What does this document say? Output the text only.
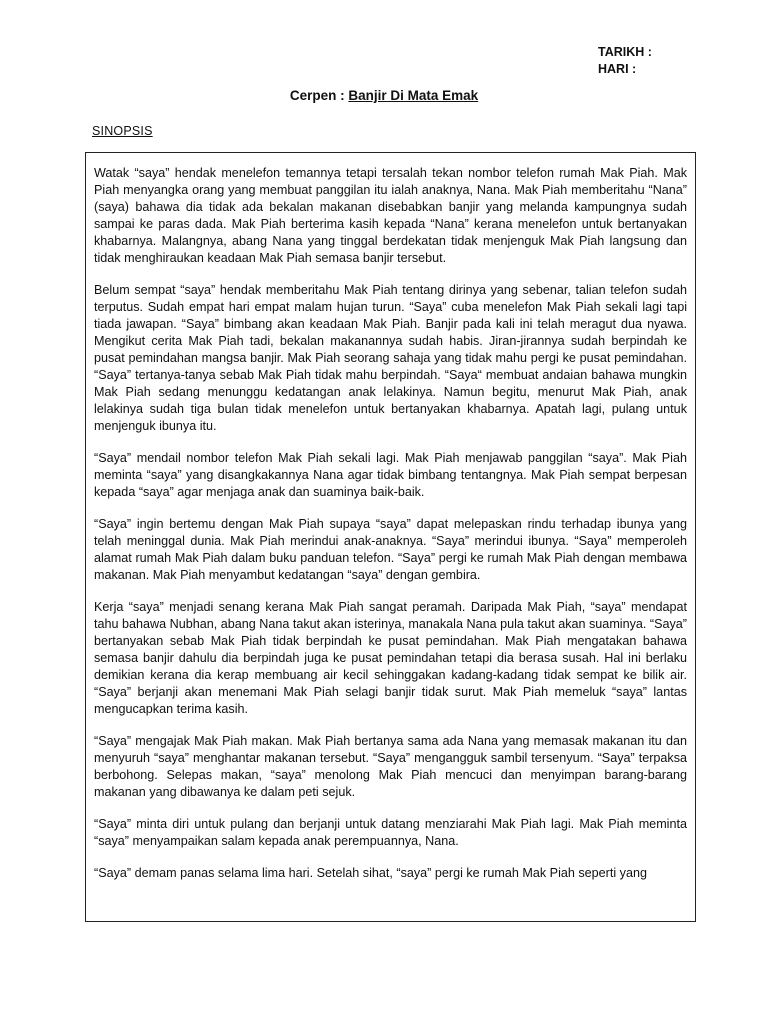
TARIKH :
HARI :
Cerpen : Banjir Di Mata Emak
SINOPSIS

Watak “saya” hendak menelefon temannya tetapi tersalah tekan nombor telefon rumah Mak Piah. Mak Piah menyangka orang yang membuat panggilan itu ialah anaknya, Nana. Mak Piah memberitahu “Nana” (saya) bahawa dia tidak ada bekalan makanan disebabkan banjir yang melanda kampungnya sudah sampai ke paras dada. Mak Piah berterima kasih kepada “Nana” kerana menelefon untuk bertanyakan khabarnya. Malangnya, abang Nana yang tinggal berdekatan tidak menjenguk Mak Piah langsung dan tidak menghiraukan keadaan Mak Piah semasa banjir tersebut.

Belum sempat “saya” hendak memberitahu Mak Piah tentang dirinya yang sebenar, talian telefon sudah terputus. Sudah empat hari empat malam hujan turun. “Saya” cuba menelefon Mak Piah sekali lagi tapi tiada jawapan. “Saya” bimbang akan keadaan Mak Piah. Banjir pada kali ini telah meragut dua nyawa. Mengikut cerita Mak Piah tadi, bekalan makanannya sudah habis. Jiran-jirannya sudah berpindah ke pusat pemindahan mangsa banjir. Mak Piah seorang sahaja yang tidak mahu pergi ke pusat pemindahan. “Saya” tertanya-tanya sebab Mak Piah tidak mahu berpindah. “Saya“ membuat andaian bahawa mungkin Mak Piah sedang menunggu kedatangan anak lelakinya. Namun begitu, menurut Mak Piah, anak lelakinya sudah tiga bulan tidak menelefon untuk bertanyakan khabarnya. Apatah lagi, pulang untuk menjenguk ibunya itu.

“Saya” mendail nombor telefon Mak Piah sekali lagi. Mak Piah menjawab panggilan “saya”. Mak Piah meminta “saya” yang disangkakannya Nana agar tidak bimbang tentangnya. Mak Piah sempat berpesan kepada “saya” agar menjaga anak dan suaminya baik-baik.

“Saya” ingin bertemu dengan Mak Piah supaya “saya” dapat melepaskan rindu terhadap ibunya yang telah meninggal dunia. Mak Piah merindui anak-anaknya. “Saya” merindui ibunya. “Saya” memperoleh alamat rumah Mak Piah dalam buku panduan telefon. “Saya” pergi ke rumah Mak Piah dengan membawa makanan. Mak Piah menyambut kedatangan “saya” dengan gembira.

Kerja “saya” menjadi senang kerana Mak Piah sangat peramah. Daripada Mak Piah, “saya” mendapat tahu bahawa Nubhan, abang Nana takut akan isterinya, manakala Nana pula takut akan suaminya. “Saya” bertanyakan sebab Mak Piah tidak berpindah ke pusat pemindahan. Mak Piah mengatakan bahawa semasa banjir dahulu dia berpindah juga ke pusat pemindahan tetapi dia berasa susah. Hal ini berlaku demikian kerana dia kerap membuang air kecil sehinggakan kadang-kadang tidak sempat ke bilik air. “Saya” berjanji akan menemani Mak Piah selagi banjir tidak surut. Mak Piah memeluk “saya” lantas mengucapkan terima kasih.

“Saya” mengajak Mak Piah makan. Mak Piah bertanya sama ada Nana yang memasak makanan itu dan menyuruh “saya” menghantar makanan tersebut. “Saya” mengangguk sambil tersenyum. “Saya” terpaksa berbohong. Selepas makan, “saya” menolong Mak Piah mencuci dan menyimpan barang-barang makanan yang dibawanya ke dalam peti sejuk.

“Saya” minta diri untuk pulang dan berjanji untuk datang menziarahi Mak Piah lagi. Mak Piah meminta “saya” menyampaikan salam kepada anak perempuannya, Nana.

“Saya” demam panas selama lima hari. Setelah sihat, “saya” pergi ke rumah Mak Piah seperti yang
